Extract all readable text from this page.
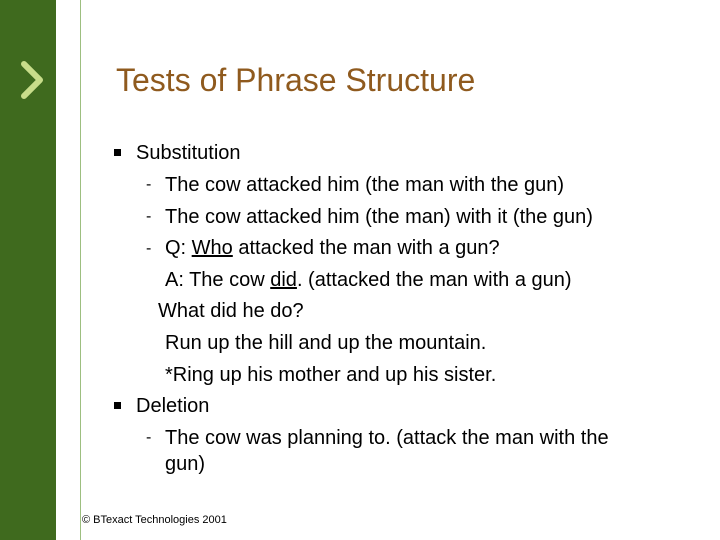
Tests of Phrase Structure
Substitution
- The cow attacked him (the man with the gun)
- The cow attacked him (the man) with it (the gun)
- Q: Who attacked the man with a gun?
A: The cow did. (attacked the man with a gun)
What did he do?
Run up the hill and up the mountain.
*Ring up his mother and up his sister.
Deletion
- The cow was planning to. (attack the man with the
gun)
© BTexact Technologies 2001
